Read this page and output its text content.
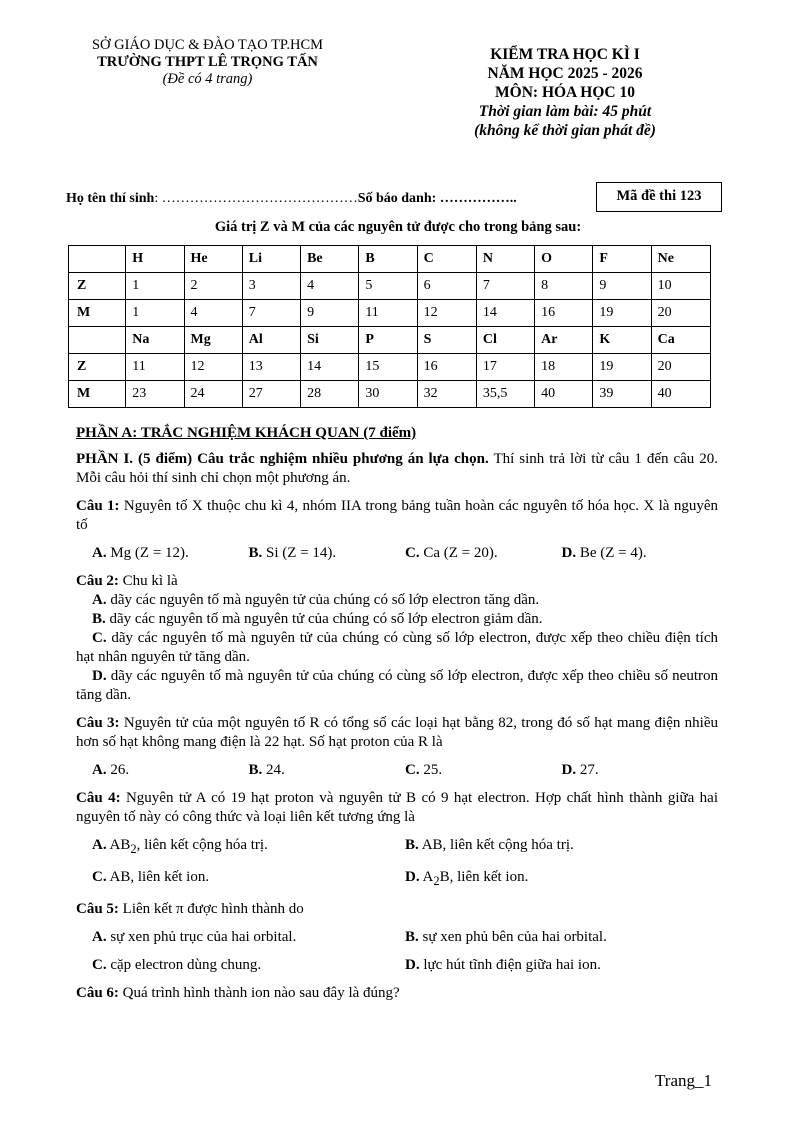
SỞ GIÁO DỤC & ĐÀO TẠO TP.HCM
TRƯỜNG THPT LÊ TRỌNG TẤN
(Đề có 4 trang)
KIỂM TRA HỌC KÌ I
NĂM HỌC 2025 - 2026
MÔN: HÓA HỌC 10
Thời gian làm bài: 45 phút
(không kể thời gian phát đề)
Họ tên thí sinh: ……………………………………Số báo danh: ……………..	Mã đề thi 123
Giá trị Z và M của các nguyên tử được cho trong bảng sau:
	H	He	Li	Be	B	C	N	O	F	Ne
Z	1	2	3	4	5	6	7	8	9	10
M	1	4	7	9	11	12	14	16	19	20
	Na	Mg	Al	Si	P	S	Cl	Ar	K	Ca
Z	11	12	13	14	15	16	17	18	19	20
M	23	24	27	28	30	32	35,5	40	39	40

PHẦN A: TRẮC NGHIỆM KHÁCH QUAN (7 điểm)

PHẦN I. (5 điểm) Câu trắc nghiệm nhiều phương án lựa chọn. Thí sinh trả lời từ câu 1 đến câu 20. Mỗi câu hỏi thí sinh chỉ chọn một phương án.

Câu 1: Nguyên tố X thuộc chu kì 4, nhóm IIA trong bảng tuần hoàn các nguyên tố hóa học. X là nguyên tố

A. Mg (Z = 12).	B. Si (Z = 14).	C. Ca (Z = 20).	D. Be (Z = 4).

Câu 2: Chu kì là

A. dãy các nguyên tố mà nguyên tử của chúng có số lớp electron tăng dần.

B. dãy các nguyên tố mà nguyên tử của chúng có số lớp electron giảm dần.

C. dãy các nguyên tố mà nguyên tử của chúng có cùng số lớp electron, được xếp theo chiều điện tích hạt nhân nguyên tử tăng dần.

D. dãy các nguyên tố mà nguyên tử của chúng có cùng số lớp electron, được xếp theo chiều số neutron tăng dần.

Câu 3: Nguyên tử của một nguyên tố R có tổng số các loại hạt bằng 82, trong đó số hạt mang điện nhiều hơn số hạt không mang điện là 22 hạt. Số hạt proton của R là

A. 26.	B. 24.	C. 25.	D. 27.

Câu 4: Nguyên tử A có 19 hạt proton và nguyên tử B có 9 hạt electron. Hợp chất hình thành giữa hai nguyên tố này có công thức và loại liên kết tương ứng là

A. $AB_2$, liên kết cộng hóa trị.	B. AB, liên kết cộng hóa trị.
C. AB, liên kết ion.	D. $A_2B$, liên kết ion.

Câu 5: Liên kết π được hình thành do

A. sự xen phủ trục của hai orbital.	B. sự xen phủ bên của hai orbital.
C. cặp electron dùng chung.	D. lực hút tĩnh điện giữa hai ion.

Câu 6: Quá trình hình thành ion nào sau đây là đúng?

Trang_1
